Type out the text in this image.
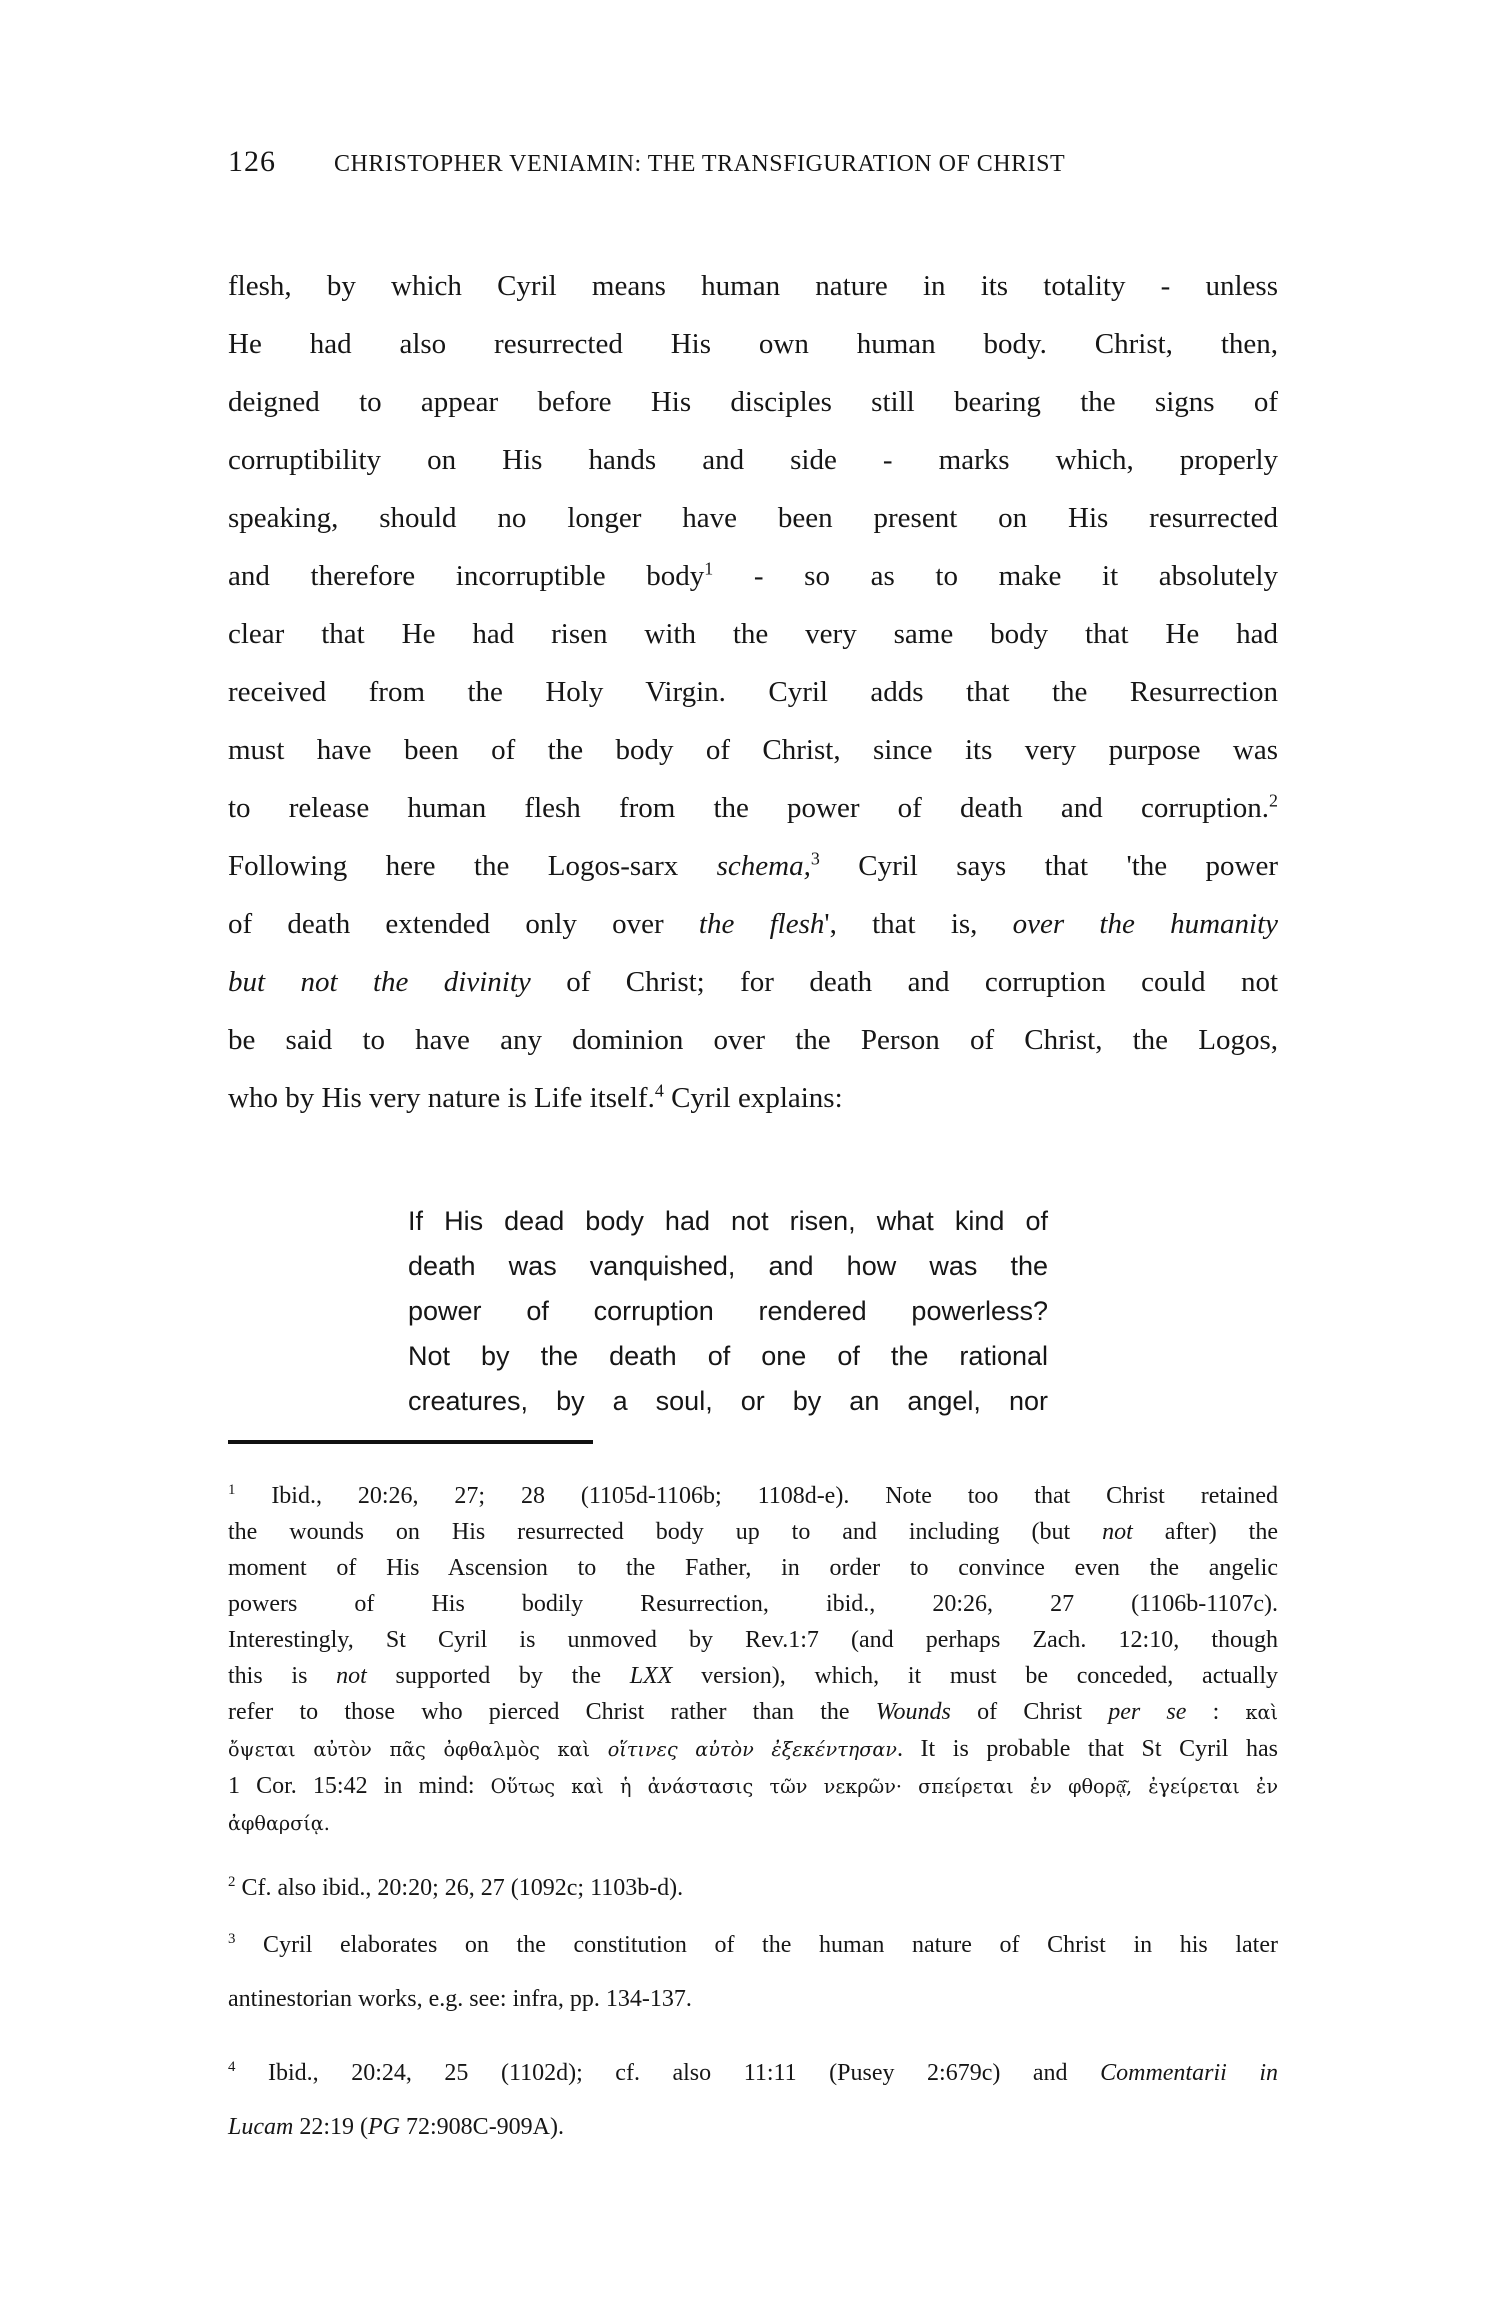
126 CHRISTOPHER VENIAMIN: THE TRANSFIGURATION OF CHRIST
flesh, by which Cyril means human nature in its totality - unless
He had also resurrected His own human body. Christ, then,
deigned to appear before His disciples still bearing the signs of
corruptibility on His hands and side - marks which, properly
speaking, should no longer have been present on His resurrected
and therefore incorruptible body$^1$ - so as to make it absolutely
clear that He had risen with the very same body that He had
received from the Holy Virgin. Cyril adds that the Resurrection
must have been of the body of Christ, since its very purpose was
to release human flesh from the power of death and corruption.$^2$
Following here the Logos-sarx schema,$^3$ Cyril says that 'the power
of death extended only over the flesh', that is, over the humanity
but not the divinity of Christ; for death and corruption could not
be said to have any dominion over the Person of Christ, the Logos,
who by His very nature is Life itself.$^4$ Cyril explains:
If His dead body had not risen, what kind of
death was vanquished, and how was the
power of corruption rendered powerless?
Not by the death of one of the rational
creatures, by a soul, or by an angel, nor
$^1$ Ibid., 20:26, 27; 28 (1105d-1106b; 1108d-e). Note too that Christ retained
the wounds on His resurrected body up to and including (but not after) the
moment of His Ascension to the Father, in order to convince even the angelic
powers of His bodily Resurrection, ibid., 20:26, 27 (1106b-1107c).
Interestingly, St Cyril is unmoved by Rev.1:7 (and perhaps Zach. 12:10, though
this is not supported by the LXX version), which, it must be conceded, actually
refer to those who pierced Christ rather than the Wounds of Christ per se : καὶ
ὄψεται αὐτὸν πᾶς ὀφθαλμὸς καὶ οἵτινες αὐτὸν ἐξεκέντησαν. It is probable that St Cyril has
1 Cor. 15:42 in mind: Οὕτως καὶ ἡ ἀνάστασις τῶν νεκρῶν· σπείρεται ἐν φθορᾷ͂, ἐγείρεται ἐν
ἀφθαρσίᾳ.
$^2$ Cf. also ibid., 20:20; 26, 27 (1092c; 1103b-d).
$^3$ Cyril elaborates on the constitution of the human nature of Christ in his later
antinestorian works, e.g. see: infra, pp. 134-137.
$^4$ Ibid., 20:24, 25 (1102d); cf. also 11:11 (Pusey 2:679c) and Commentarii in
Lucam 22:19 (PG 72:908C-909A).
